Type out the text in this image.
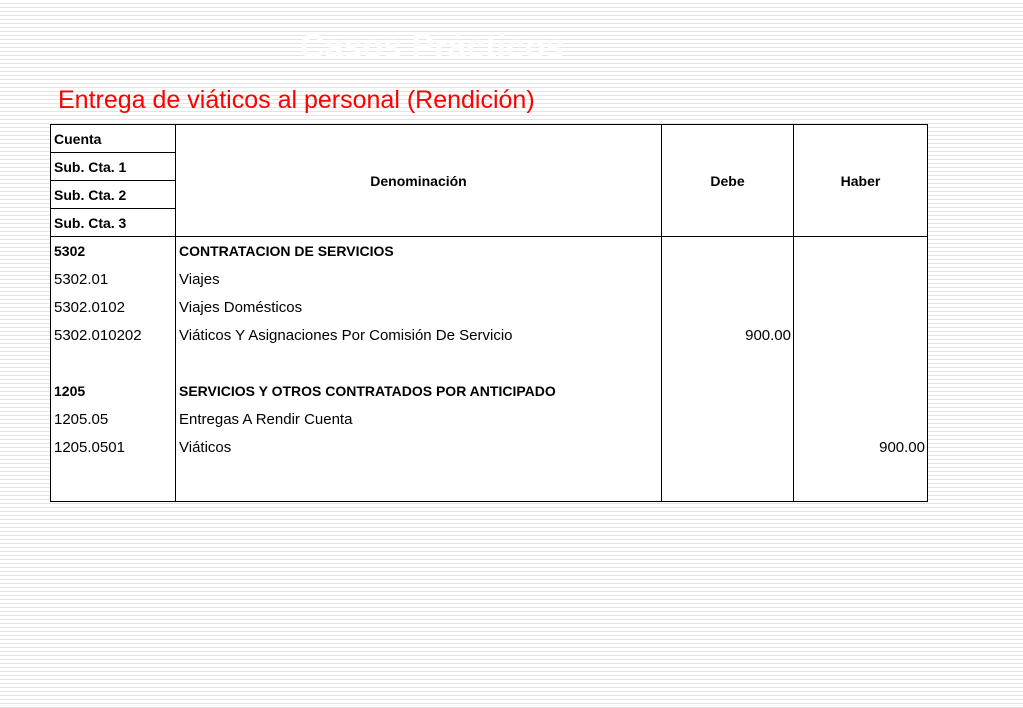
Casos Prácticos
Entrega de viáticos al personal (Rendición)
Cuenta	Denominación	Debe	Haber
Sub. Cta. 1			
Sub. Cta. 2			
Sub. Cta. 3			
5302	CONTRATACION DE SERVICIOS		
5302.01	Viajes		
5302.0102	Viajes Domésticos		
5302.010202	Viáticos Y Asignaciones Por Comisión De Servicio	900.00	

1205	SERVICIOS Y OTROS CONTRATADOS POR ANTICIPADO		
1205.05	Entregas A Rendir Cuenta		
1205.0501	Viáticos		900.00
